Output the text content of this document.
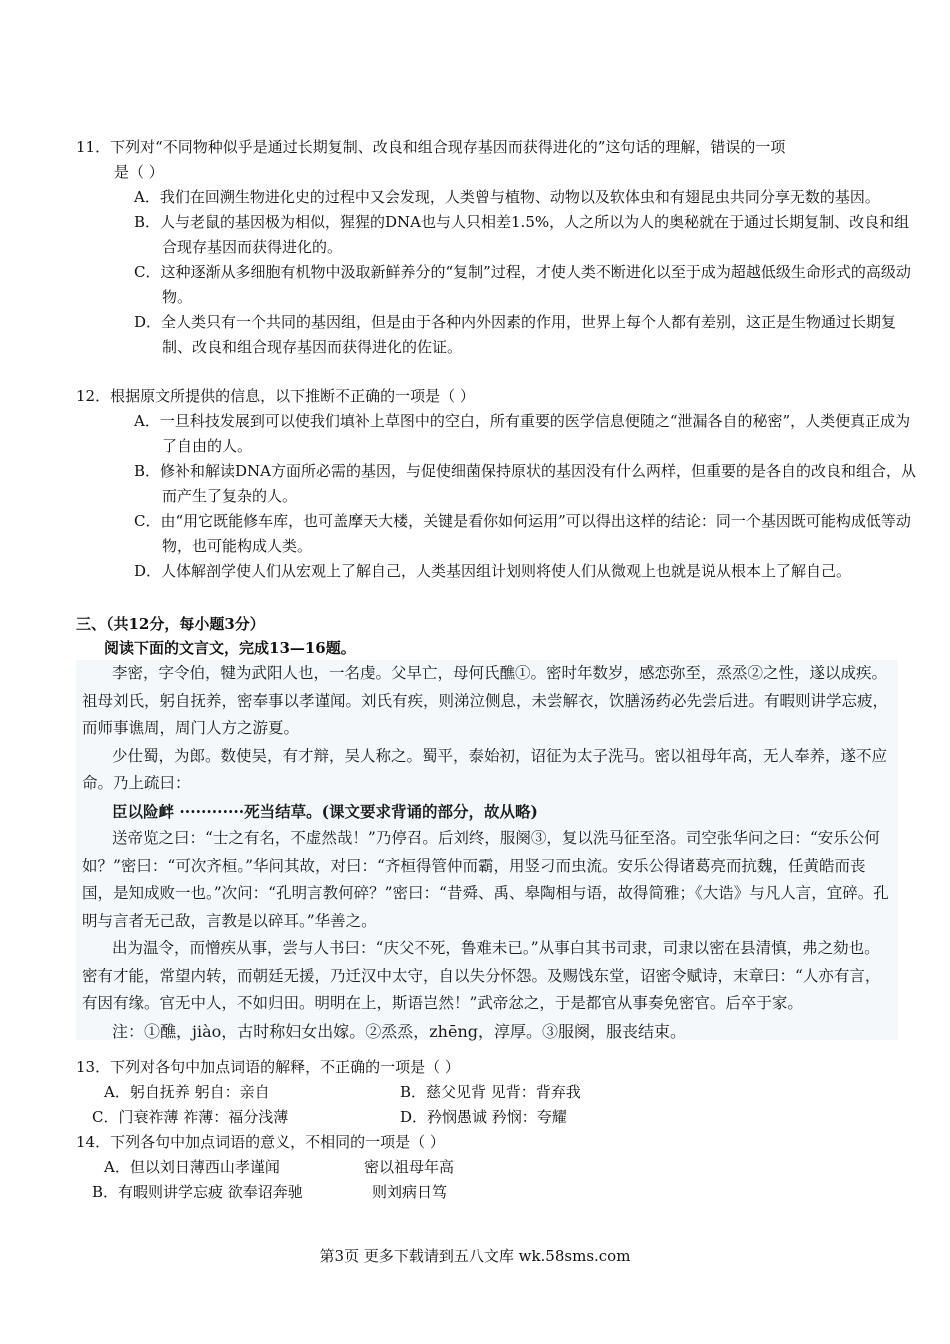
11．下列对“不同物种似乎是通过长期复制、改良和组合现存基因而获得进化的”这句话的理解，错误的一项
是（ ）
A．我们在回溯生物进化史的过程中又会发现，人类曾与植物、动物以及软体虫和有翅昆虫共同分享无数的基因。
B．人与老鼠的基因极为相似，猩猩的DNA也与人只相差1.5%，人之所以为人的奥秘就在于通过长期复制、改良和组合现存基因而获得进化的。
C．这种逐渐从多细胞有机物中汲取新鲜养分的“复制”过程，才使人类不断进化以至于成为超越低级生命形式的高级动物。
D．全人类只有一个共同的基因组，但是由于各种内外因素的作用，世界上每个人都有差别，这正是生物通过长期复制、改良和组合现存基因而获得进化的佐证。
12．根据原文所提供的信息，以下推断不正确的一项是（ ）
A．一旦科技发展到可以使我们填补上草图中的空白，所有重要的医学信息便随之“泄漏各自的秘密”，人类便真正成为了自由的人。
B．修补和解读DNA方面所必需的基因，与促使细菌保持原状的基因没有什么两样，但重要的是各自的改良和组合，从而产生了复杂的人。
C．由“用它既能修车库，也可盖摩天大楼，关键是看你如何运用”可以得出这样的结论：同一个基因既可能构成低等动物，也可能构成人类。
D．人体解剖学使人们从宏观上了解自己，人类基因组计划则将使人们从微观上也就是说从根本上了解自己。
三、（共12分，每小题3分）
阅读下面的文言文，完成13—16题。

李密，字令伯，犍为武阳人也，一名虔。父早亡，母何氏醮①。密时年数岁，感恋弥至，烝烝②之性，遂以成疾。祖母刘氏，躬自抚养，密奉事以孝谨闻。刘氏有疾，则涕泣侧息，未尝解衣，饮膳汤药必先尝后进。有暇则讲学忘疲，而师事谯周，周门人方之游夏。

少仕蜀，为郎。数使吴，有才辩，吴人称之。蜀平，泰始初，诏征为太子洗马。密以祖母年高，无人奉养，遂不应命。乃上疏曰：

臣以险衅 ············死当结草。(课文要求背诵的部分，故从略)

送帝览之曰：“士之有名，不虚然哉！”乃停召。后刘终，服阕③，复以洗马征至洛。司空张华问之曰：“安乐公何如？”密曰：“可次齐桓。”华问其故，对曰：“齐桓得管仲而霸，用竖刁而虫流。安乐公得诸葛亮而抗魏，任黄皓而丧国，是知成败一也。”次问：“孔明言教何碎？”密曰：“昔舜、禹、皋陶相与语，故得简雅；《大诰》与凡人言，宜碎。孔明与言者无己敌，言教是以碎耳。”华善之。

出为温令，而憎疾从事，尝与人书曰：“庆父不死，鲁难未已。”从事白其书司隶，司隶以密在县清慎，弗之劾也。密有才能，常望内转，而朝廷无援，乃迁汉中太守，自以失分怀怨。及赐饯东堂，诏密令赋诗，末章曰：“人亦有言，有因有缘。官无中人，不如归田。明明在上，斯语岂然！”武帝忿之，于是都官从事奏免密官。后卒于家。

注：①醮，jiào，古时称妇女出嫁。②烝烝，zhēng，淳厚。③服阕，服丧结束。

13．下列对各句中加点词语的解释，不正确的一项是（ ）
A．躬自抚养 躬自：亲自	B．慈父见背 见背：背弃我
C．门衰祚薄 祚薄：福分浅薄	D．矜悯愚诚 矜悯：夸耀
14．下列各句中加点词语的意义，不相同的一项是（ ）
A．但以刘日薄西山孝谨闻	密以祖母年高
B．有暇则讲学忘疲 欲奉诏奔驰	则刘病日笃
第3页 更多下载请到五八文库 wk.58sms.com
